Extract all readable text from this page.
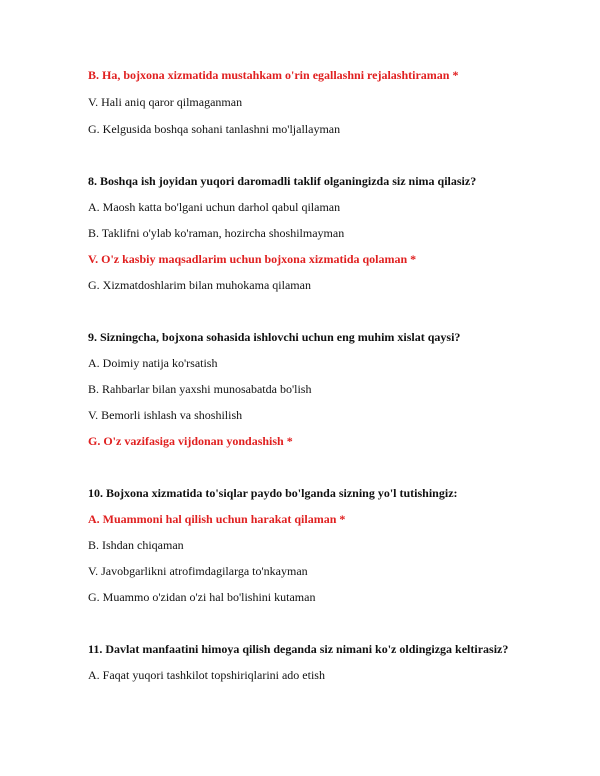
B. Ha, bojxona xizmatida mustahkam o'rin egallashni rejalashtiraman *
V. Hali aniq qaror qilmaganman
G. Kelgusida boshqa sohani tanlashni mo'ljallayman
8. Boshqa ish joyidan yuqori daromadli taklif olganingizda siz nima qilasiz?
A. Maosh katta bo'lgani uchun darhol qabul qilaman
B. Taklifni o'ylab ko'raman, hozircha shoshilmayman
V. O'z kasbiy maqsadlarim uchun bojxona xizmatida qolaman *
G. Xizmatdoshlarim bilan muhokama qilaman
9. Sizningcha, bojxona sohasida ishlovchi uchun eng muhim xislat qaysi?
A. Doimiy natija ko'rsatish
B. Rahbarlar bilan yaxshi munosabatda bo'lish
V. Bemorli ishlash va shoshilish
G. O'z vazifasiga vijdonan yondashish *
10. Bojxona xizmatida to'siqlar paydo bo'lganda sizning yo'l tutishingiz:
A. Muammoni hal qilish uchun harakat qilaman *
B. Ishdan chiqaman
V. Javobgarlikni atrofimdagilarga to'nkayman
G. Muammo o'zidan o'zi hal bo'lishini kutaman
11. Davlat manfaatini himoya qilish deganda siz nimani ko'z oldingizga keltirasiz?
A. Faqat yuqori tashkilot topshiriqlarini ado etish
